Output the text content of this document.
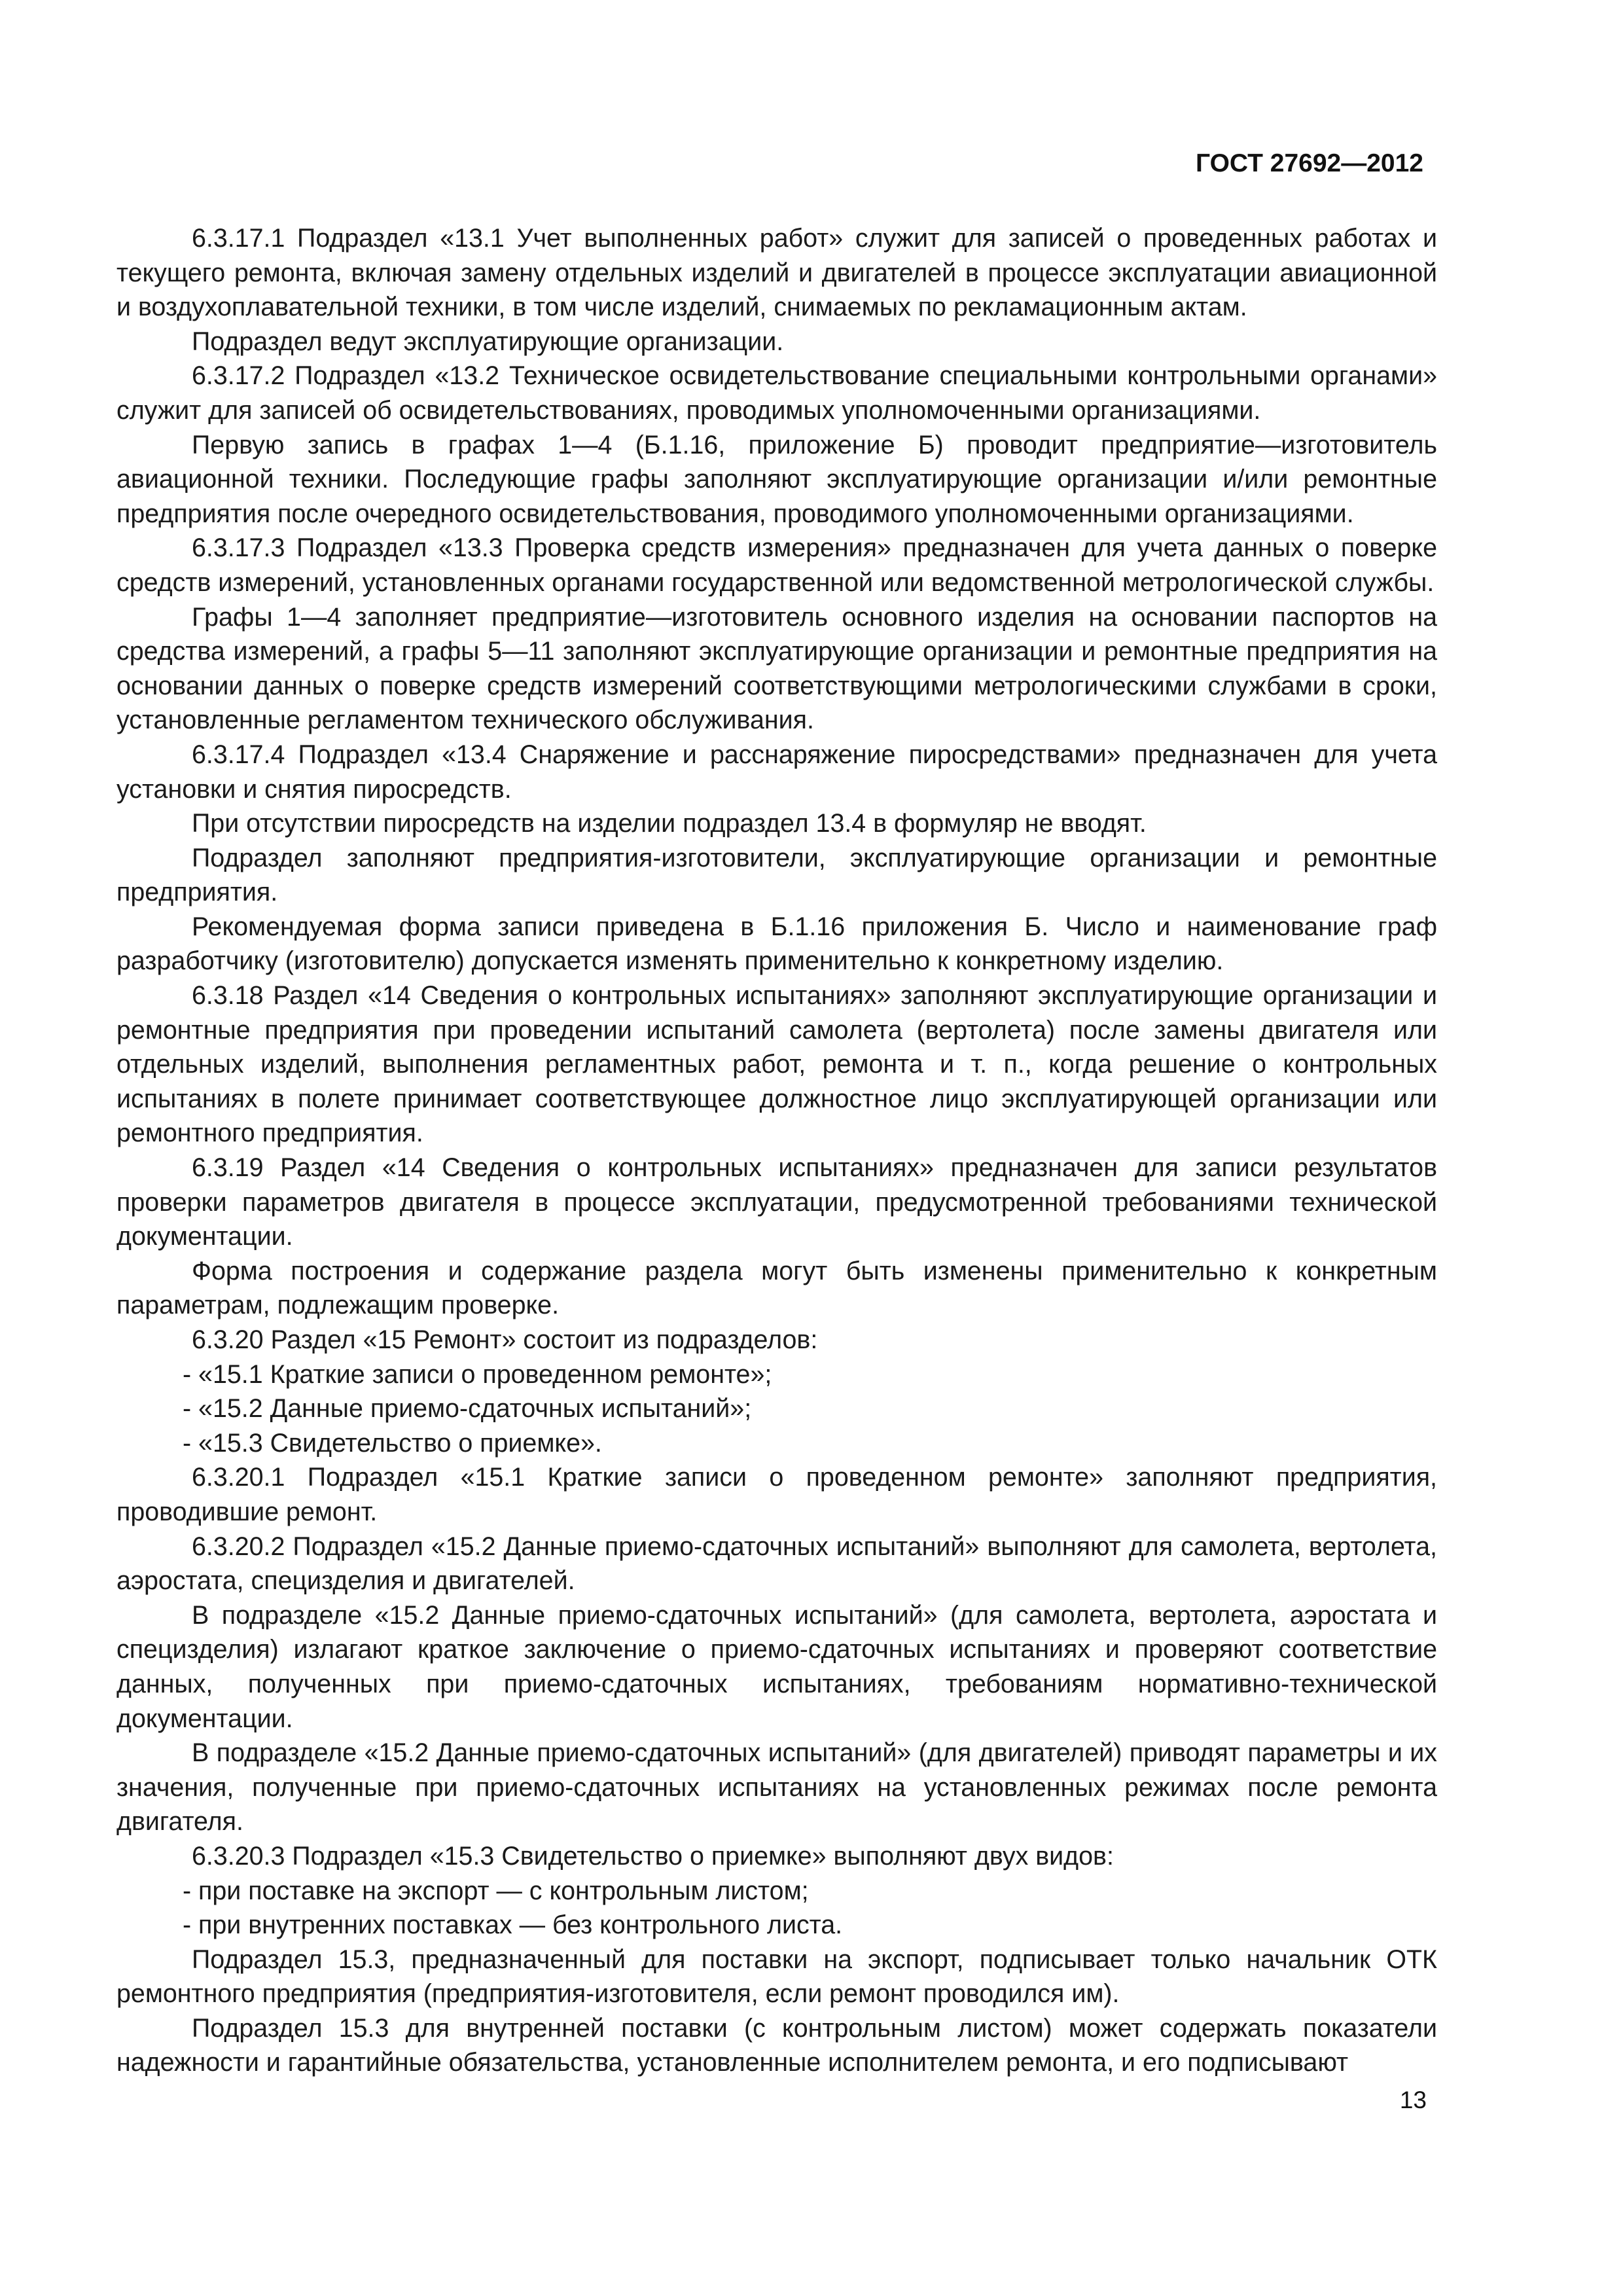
ГОСТ 27692—2012

6.3.17.1 Подраздел «13.1 Учет выполненных работ» служит для записей о проведенных работах и текущего ремонта, включая замену отдельных изделий и двигателей в процессе эксплуатации авиационной и воздухоплавательной техники, в том числе изделий, снимаемых по рекламационным актам.

Подраздел ведут эксплуатирующие организации.

6.3.17.2 Подраздел «13.2 Техническое освидетельствование специальными контрольными органами» служит для записей об освидетельствованиях, проводимых уполномоченными организациями.

Первую запись в графах 1—4 (Б.1.16, приложение Б) проводит предприятие—изготовитель авиационной техники. Последующие графы заполняют эксплуатирующие организации и/или ремонтные предприятия после очередного освидетельствования, проводимого уполномоченными организациями.

6.3.17.3 Подраздел «13.3 Проверка средств измерения» предназначен для учета данных о поверке средств измерений, установленных органами государственной или ведомственной метрологической службы.

Графы 1—4 заполняет предприятие—изготовитель основного изделия на основании паспортов на средства измерений, а графы 5—11 заполняют эксплуатирующие организации и ремонтные предприятия на основании данных о поверке средств измерений соответствующими метрологическими службами в сроки, установленные регламентом технического обслуживания.

6.3.17.4 Подраздел «13.4 Снаряжение и расснаряжение пиросредствами» предназначен для учета установки и снятия пиросредств.

При отсутствии пиросредств на изделии подраздел 13.4 в формуляр не вводят.

Подраздел заполняют предприятия-изготовители, эксплуатирующие организации и ремонтные предприятия.

Рекомендуемая форма записи приведена в Б.1.16 приложения Б. Число и наименование граф разработчику (изготовителю) допускается изменять применительно к конкретному изделию.

6.3.18 Раздел «14 Сведения о контрольных испытаниях» заполняют эксплуатирующие организации и ремонтные предприятия при проведении испытаний самолета (вертолета) после замены двигателя или отдельных изделий, выполнения регламентных работ, ремонта и т. п., когда решение о контрольных испытаниях в полете принимает соответствующее должностное лицо эксплуатирующей организации или ремонтного предприятия.

6.3.19 Раздел «14 Сведения о контрольных испытаниях» предназначен для записи результатов проверки параметров двигателя в процессе эксплуатации, предусмотренной требованиями технической документации.

Форма построения и содержание раздела могут быть изменены применительно к конкретным параметрам, подлежащим проверке.

6.3.20 Раздел «15 Ремонт» состоит из подразделов:

- «15.1 Краткие записи о проведенном ремонте»;

- «15.2 Данные приемо-сдаточных испытаний»;

- «15.3 Свидетельство о приемке».

6.3.20.1 Подраздел «15.1 Краткие записи о проведенном ремонте» заполняют предприятия, проводившие ремонт.

6.3.20.2 Подраздел «15.2 Данные приемо-сдаточных испытаний» выполняют для самолета, вертолета, аэростата, специзделия и двигателей.

В подразделе «15.2 Данные приемо-сдаточных испытаний» (для самолета, вертолета, аэростата и специзделия) излагают краткое заключение о приемо-сдаточных испытаниях и проверяют соответствие данных, полученных при приемо-сдаточных испытаниях, требованиям нормативно-технической документации.

В подразделе «15.2 Данные приемо-сдаточных испытаний» (для двигателей) приводят параметры и их значения, полученные при приемо-сдаточных испытаниях на установленных режимах после ремонта двигателя.

6.3.20.3 Подраздел «15.3 Свидетельство о приемке» выполняют двух видов:

- при поставке на экспорт — с контрольным листом;

- при внутренних поставках — без контрольного листа.

Подраздел 15.3, предназначенный для поставки на экспорт, подписывает только начальник ОТК ремонтного предприятия (предприятия-изготовителя, если ремонт проводился им).

Подраздел 15.3 для внутренней поставки (с контрольным листом) может содержать показатели надежности и гарантийные обязательства, установленные исполнителем ремонта, и его подписывают

13
